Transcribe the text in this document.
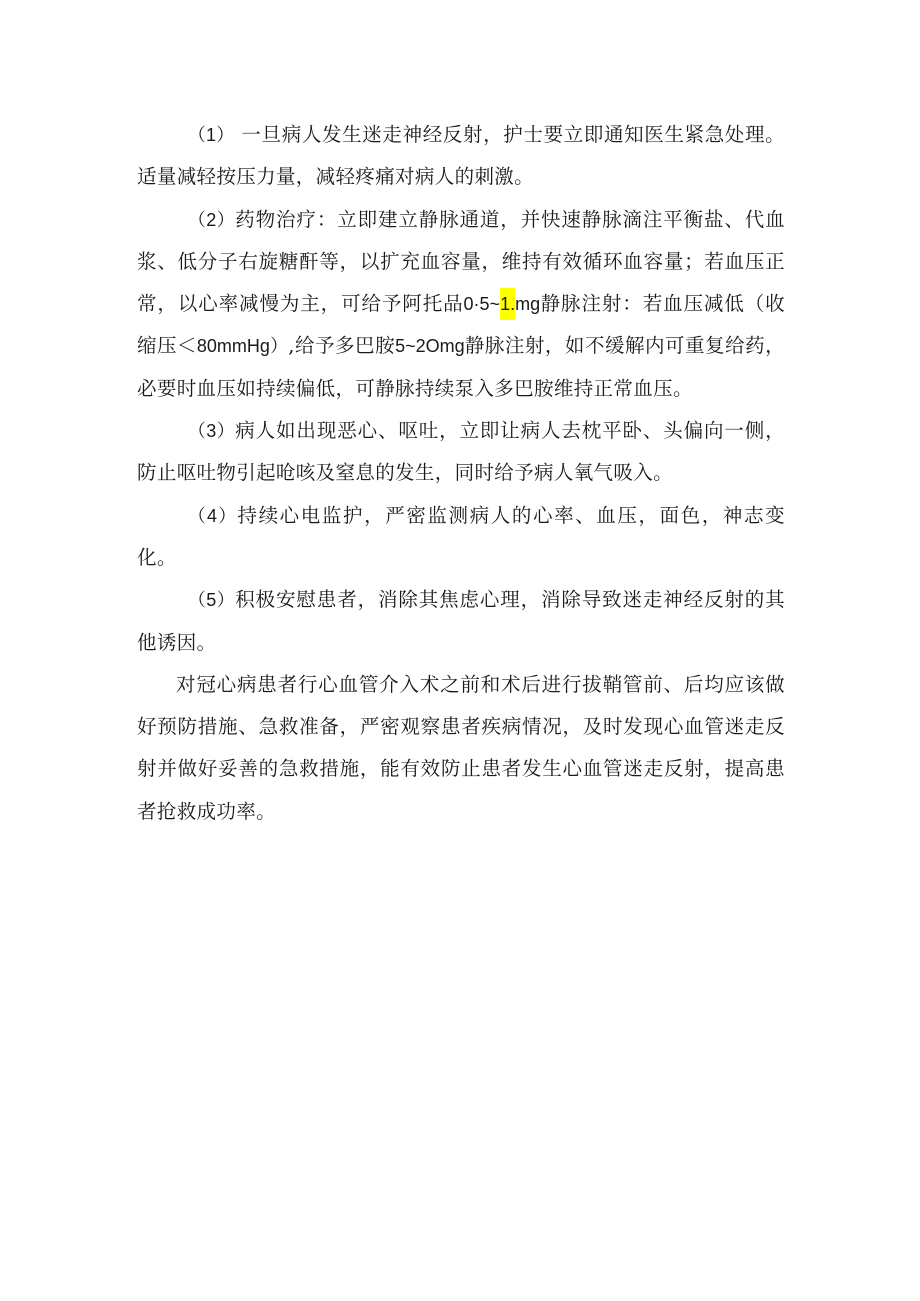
（1） 一旦病人发生迷走神经反射，护士要立即通知医生紧急处理。适量减轻按压力量，减轻疼痛对病人的刺激。

（2）药物治疗：立即建立静脉通道，并快速静脉滴注平衡盐、代血浆、低分子右旋糖酐等，以扩充血容量，维持有效循环血容量；若血压正常，以心率减慢为主，可给予阿托品0·5~1.mg静脉注射：若血压减低（收缩压＜80mmHg）,给予多巴胺5~2Omg静脉注射，如不缓解内可重复给药，必要时血压如持续偏低，可静脉持续泵入多巴胺维持正常血压。

（3）病人如出现恶心、呕吐，立即让病人去枕平卧、头偏向一侧，防止呕吐物引起呛咳及窒息的发生，同时给予病人氧气吸入。

（4）持续心电监护，严密监测病人的心率、血压，面色，神志变化。

（5）积极安慰患者，消除其焦虑心理，消除导致迷走神经反射的其他诱因。

对冠心病患者行心血管介入术之前和术后进行拔鞘管前、后均应该做好预防措施、急救准备，严密观察患者疾病情况，及时发现心血管迷走反射并做好妥善的急救措施，能有效防止患者发生心血管迷走反射，提高患者抢救成功率。
